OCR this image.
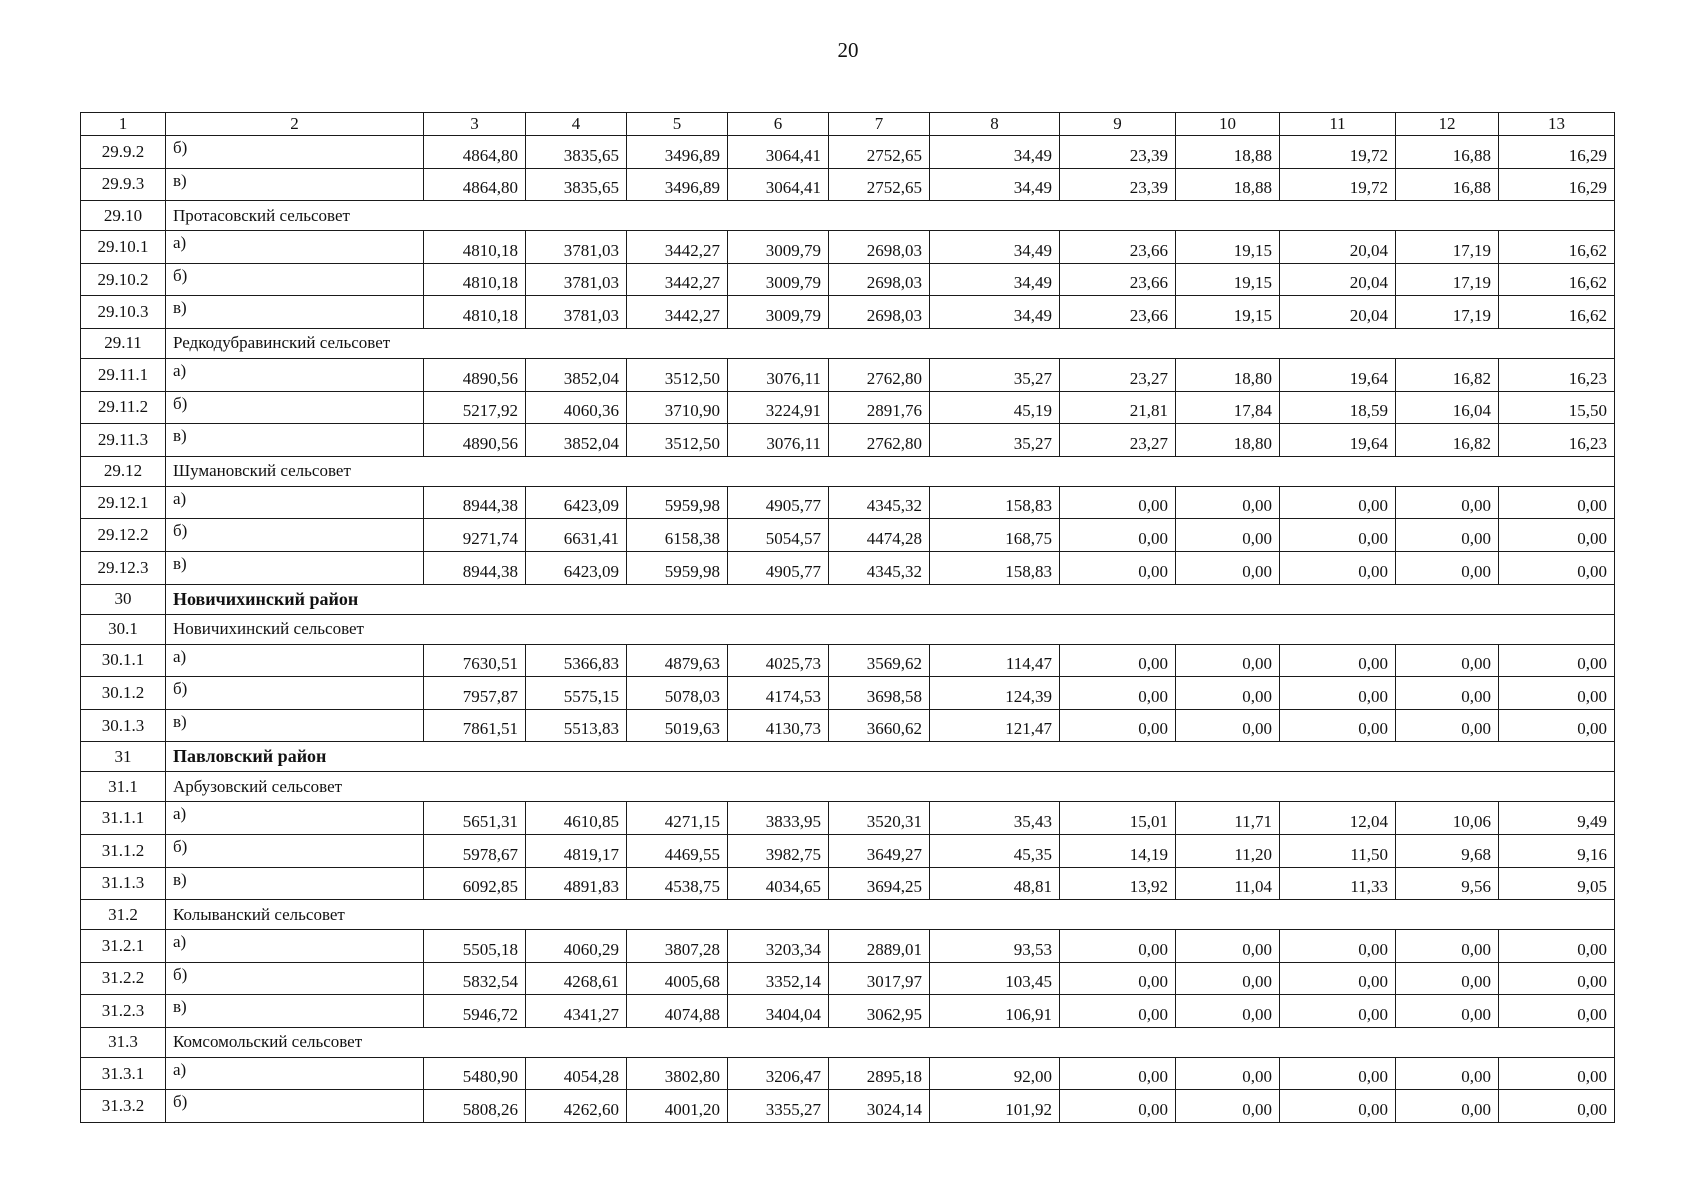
20
1	2	3	4	5	6	7	8	9	10	11	12	13
29.9.2	б)	4864,80	3835,65	3496,89	3064,41	2752,65	34,49	23,39	18,88	19,72	16,88	16,29
29.9.3	в)	4864,80	3835,65	3496,89	3064,41	2752,65	34,49	23,39	18,88	19,72	16,88	16,29
29.10	Протасовский сельсовет											
29.10.1	а)	4810,18	3781,03	3442,27	3009,79	2698,03	34,49	23,66	19,15	20,04	17,19	16,62
29.10.2	б)	4810,18	3781,03	3442,27	3009,79	2698,03	34,49	23,66	19,15	20,04	17,19	16,62
29.10.3	в)	4810,18	3781,03	3442,27	3009,79	2698,03	34,49	23,66	19,15	20,04	17,19	16,62
29.11	Редкодубравинский сельсовет											
29.11.1	а)	4890,56	3852,04	3512,50	3076,11	2762,80	35,27	23,27	18,80	19,64	16,82	16,23
29.11.2	б)	5217,92	4060,36	3710,90	3224,91	2891,76	45,19	21,81	17,84	18,59	16,04	15,50
29.11.3	в)	4890,56	3852,04	3512,50	3076,11	2762,80	35,27	23,27	18,80	19,64	16,82	16,23
29.12	Шумановский сельсовет											
29.12.1	а)	8944,38	6423,09	5959,98	4905,77	4345,32	158,83	0,00	0,00	0,00	0,00	0,00
29.12.2	б)	9271,74	6631,41	6158,38	5054,57	4474,28	168,75	0,00	0,00	0,00	0,00	0,00
29.12.3	в)	8944,38	6423,09	5959,98	4905,77	4345,32	158,83	0,00	0,00	0,00	0,00	0,00
30	Новичихинский район											
30.1	Новичихинский сельсовет											
30.1.1	а)	7630,51	5366,83	4879,63	4025,73	3569,62	114,47	0,00	0,00	0,00	0,00	0,00
30.1.2	б)	7957,87	5575,15	5078,03	4174,53	3698,58	124,39	0,00	0,00	0,00	0,00	0,00
30.1.3	в)	7861,51	5513,83	5019,63	4130,73	3660,62	121,47	0,00	0,00	0,00	0,00	0,00
31	Павловский район											
31.1	Арбузовский сельсовет											
31.1.1	а)	5651,31	4610,85	4271,15	3833,95	3520,31	35,43	15,01	11,71	12,04	10,06	9,49
31.1.2	б)	5978,67	4819,17	4469,55	3982,75	3649,27	45,35	14,19	11,20	11,50	9,68	9,16
31.1.3	в)	6092,85	4891,83	4538,75	4034,65	3694,25	48,81	13,92	11,04	11,33	9,56	9,05
31.2	Колыванский сельсовет											
31.2.1	а)	5505,18	4060,29	3807,28	3203,34	2889,01	93,53	0,00	0,00	0,00	0,00	0,00
31.2.2	б)	5832,54	4268,61	4005,68	3352,14	3017,97	103,45	0,00	0,00	0,00	0,00	0,00
31.2.3	в)	5946,72	4341,27	4074,88	3404,04	3062,95	106,91	0,00	0,00	0,00	0,00	0,00
31.3	Комсомольский сельсовет											
31.3.1	а)	5480,90	4054,28	3802,80	3206,47	2895,18	92,00	0,00	0,00	0,00	0,00	0,00
31.3.2	б)	5808,26	4262,60	4001,20	3355,27	3024,14	101,92	0,00	0,00	0,00	0,00	0,00
